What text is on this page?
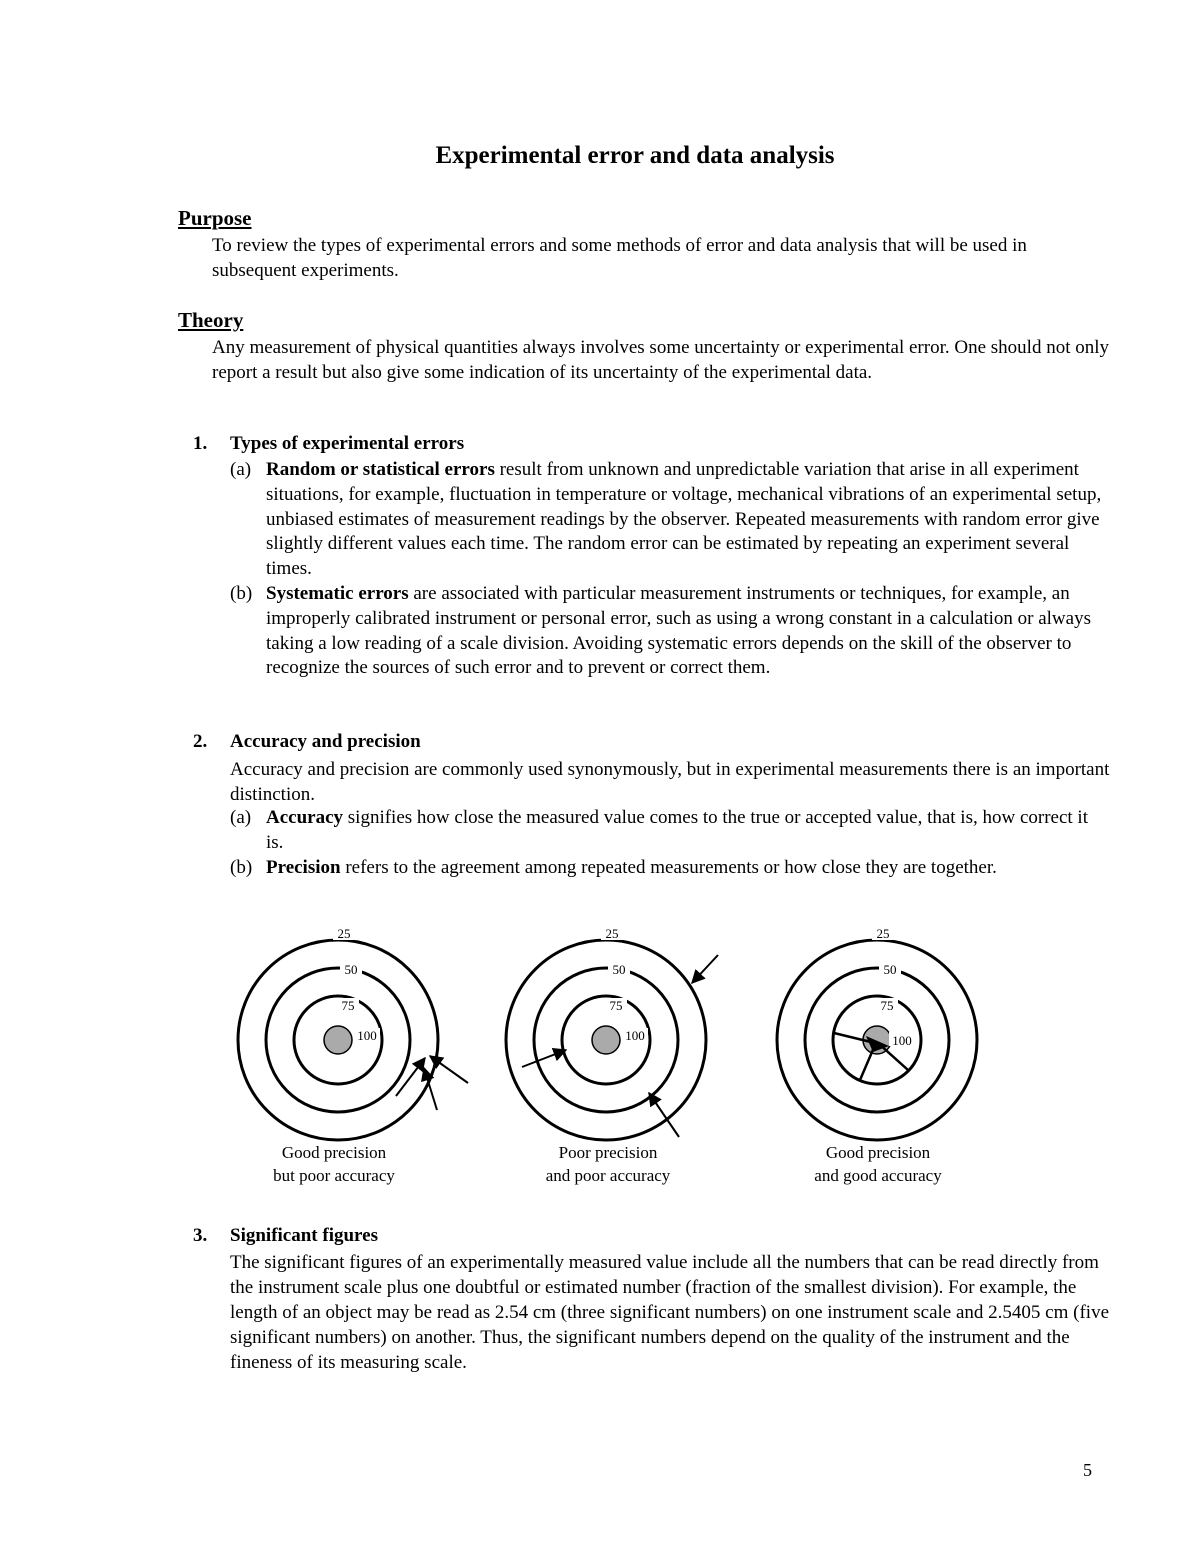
Experimental error and data analysis
Purpose
To review the types of experimental errors and some methods of error and data analysis that will be used in subsequent experiments.
Theory
Any measurement of physical quantities always involves some uncertainty or experimental error. One should not only report a result but also give some indication of its uncertainty of the experimental data.
1. Types of experimental errors
(a) Random or statistical errors result from unknown and unpredictable variation that arise in all experiment situations, for example, fluctuation in temperature or voltage, mechanical vibrations of an experimental setup, unbiased estimates of measurement readings by the observer. Repeated measurements with random error give slightly different values each time. The random error can be estimated by repeating an experiment several times.
(b) Systematic errors are associated with particular measurement instruments or techniques, for example, an improperly calibrated instrument or personal error, such as using a wrong constant in a calculation or always taking a low reading of a scale division. Avoiding systematic errors depends on the skill of the observer to recognize the sources of such error and to prevent or correct them.
2. Accuracy and precision
Accuracy and precision are commonly used synonymously, but in experimental measurements there is an important distinction.
(a) Accuracy signifies how close the measured value comes to the true or accepted value, that is, how correct it is.
(b) Precision refers to the agreement among repeated measurements or how close they are together.
25
50
75
100
25
50
75
100
25
50
75
100
Good precision
but poor accuracy
Poor precision
and poor accuracy
Good precision
and good accuracy
3. Significant figures
The significant figures of an experimentally measured value include all the numbers that can be read directly from the instrument scale plus one doubtful or estimated number (fraction of the smallest division). For example, the length of an object may be read as 2.54 cm (three significant numbers) on one instrument scale and 2.5405 cm (five significant numbers) on another. Thus, the significant numbers depend on the quality of the instrument and the fineness of its measuring scale.
5
